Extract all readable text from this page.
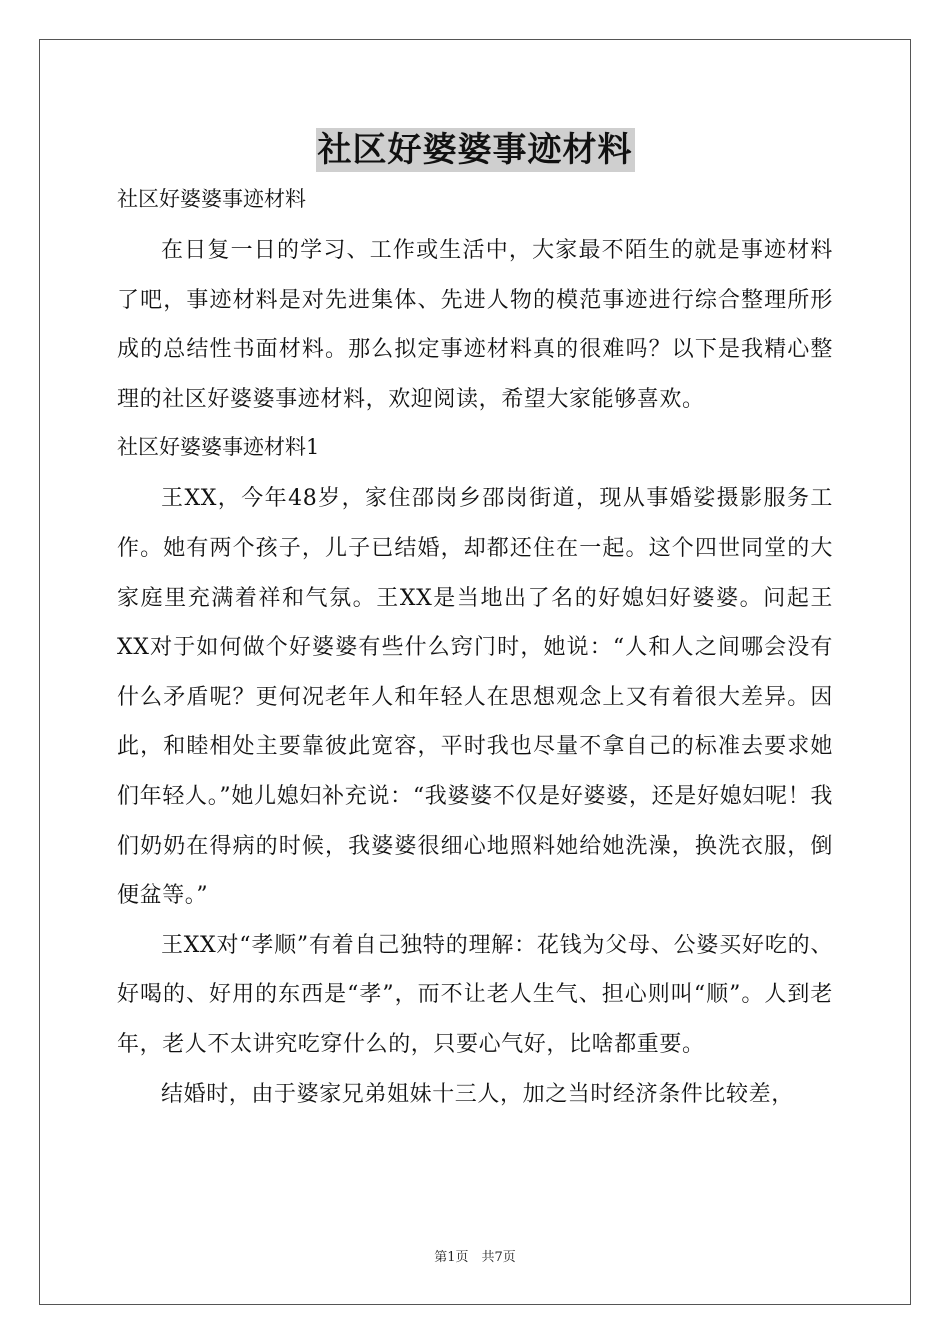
社区好婆婆事迹材料
社区好婆婆事迹材料

在日复一日的学习、工作或生活中，大家最不陌生的就是事迹材料了吧，事迹材料是对先进集体、先进人物的模范事迹进行综合整理所形成的总结性书面材料。那么拟定事迹材料真的很难吗？以下是我精心整理的社区好婆婆事迹材料，欢迎阅读，希望大家能够喜欢。

社区好婆婆事迹材料1

王XX，今年48岁，家住邵岗乡邵岗街道，现从事婚娑摄影服务工作。她有两个孩子，儿子已结婚，却都还住在一起。这个四世同堂的大家庭里充满着祥和气氛。王XX是当地出了名的好媳妇好婆婆。问起王XX对于如何做个好婆婆有些什么窍门时，她说：“人和人之间哪会没有什么矛盾呢？更何况老年人和年轻人在思想观念上又有着很大差异。因此，和睦相处主要靠彼此宽容，平时我也尽量不拿自己的标准去要求她们年轻人。”她儿媳妇补充说：“我婆婆不仅是好婆婆，还是好媳妇呢！我们奶奶在得病的时候，我婆婆很细心地照料她给她洗澡，换洗衣服，倒便盆等。”

王XX对“孝顺”有着自己独特的理解：花钱为父母、公婆买好吃的、好喝的、好用的东西是“孝”，而不让老人生气、担心则叫“顺”。人到老年，老人不太讲究吃穿什么的，只要心气好，比啥都重要。

结婚时，由于婆家兄弟姐妹十三人，加之当时经济条件比较差，

第1页　共7页
